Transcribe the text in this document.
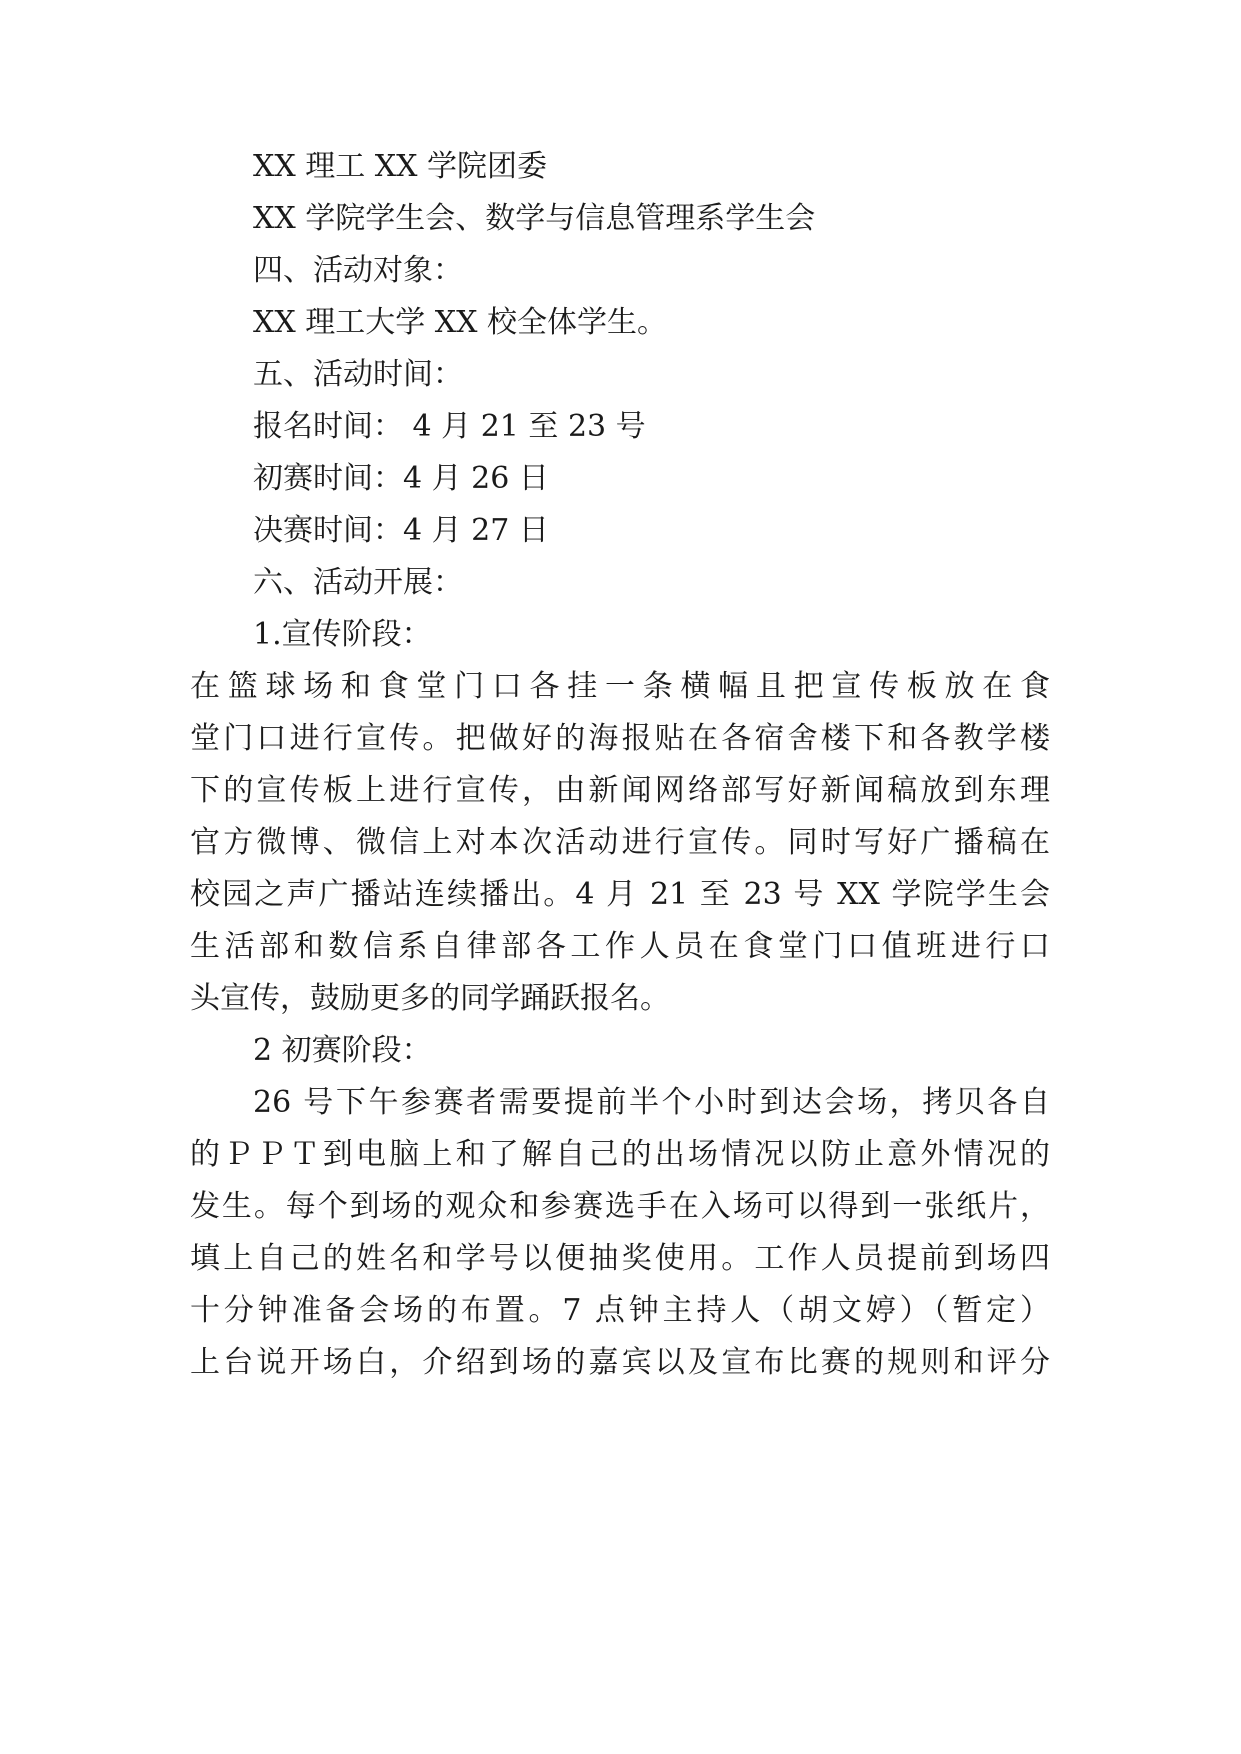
XX 理工 XX 学院团委
XX 学院学生会、数学与信息管理系学生会
四、活动对象：
XX 理工大学 XX 校全体学生。
五、活动时间：
报名时间： 4 月 21 至 23 号
初赛时间：4 月 26 日
决赛时间：4 月 27 日
六、活动开展：
1.宣传阶段：
在篮球场和食堂门口各挂一条横幅且把宣传板放在食
堂门口进行宣传。把做好的海报贴在各宿舍楼下和各教学楼
下的宣传板上进行宣传，由新闻网络部写好新闻稿放到东理
官方微博、微信上对本次活动进行宣传。同时写好广播稿在
校园之声广播站连续播出。4 月 21 至 23 号 XX 学院学生会
生活部和数信系自律部各工作人员在食堂门口值班进行口
头宣传，鼓励更多的同学踊跃报名。
2 初赛阶段：
26 号下午参赛者需要提前半个小时到达会场，拷贝各自
的ＰＰＴ到电脑上和了解自己的出场情况以防止意外情况的
发生。每个到场的观众和参赛选手在入场可以得到一张纸片，
填上自己的姓名和学号以便抽奖使用。工作人员提前到场四
十分钟准备会场的布置。7 点钟主持人（胡文婷）（暂定）
上台说开场白，介绍到场的嘉宾以及宣布比赛的规则和评分
